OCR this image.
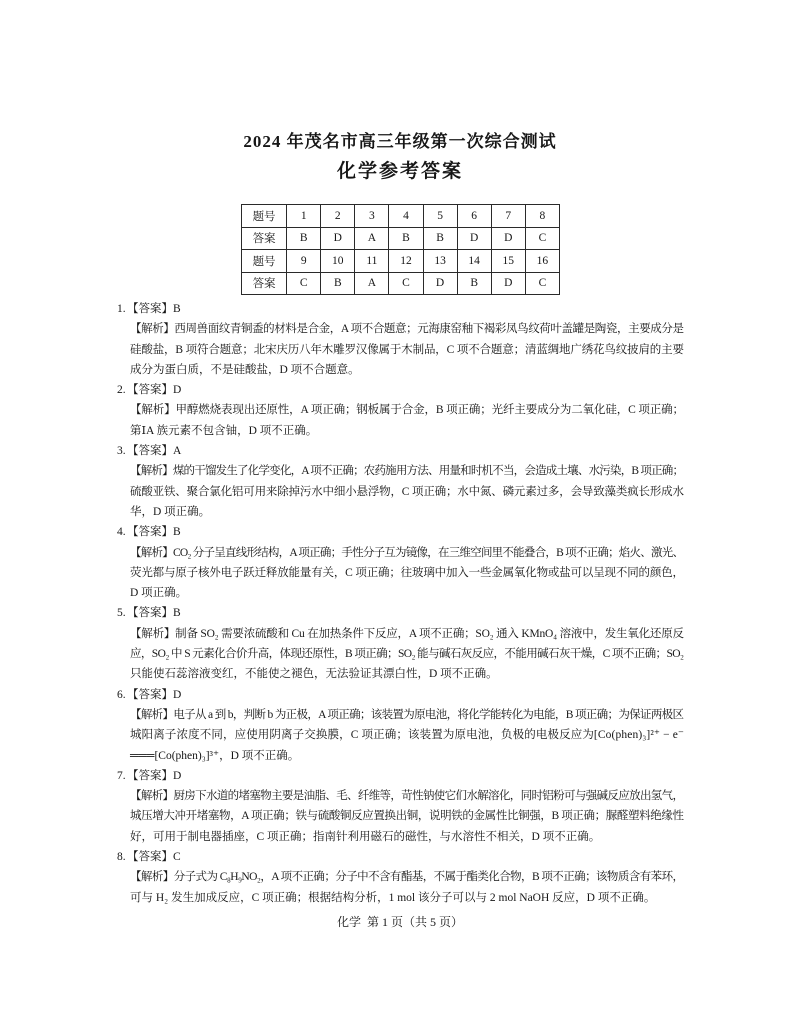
2024 年茂名市高三年级第一次综合测试
化学参考答案
题号	1	2	3	4	5	6	7	8
答案	B	D	A	B	B	D	D	C
题号	9	10	11	12	13	14	15	16
答案	C	B	A	C	D	B	D	C
1. 【答案】B
【解析】西周兽面纹青铜盉的材料是合金，A 项不合题意；元海康窑釉下褐彩凤鸟纹荷叶盖罐是陶瓷，主要成分是
硅酸盐，B 项符合题意；北宋庆历八年木雕罗汉像属于木制品，C 项不合题意；清蓝绸地广绣花鸟纹披肩的主要
成分为蛋白质，不是硅酸盐，D 项不合题意。
2. 【答案】D
【解析】甲醇燃烧表现出还原性，A 项正确；钢板属于合金，B 项正确；光纤主要成分为二氧化硅，C 项正确；
第ⅠA 族元素不包含铀，D 项不正确。
3. 【答案】A
【解析】煤的干馏发生了化学变化，A 项不正确；农药施用方法、用量和时机不当，会造成土壤、水污染，B 项正确；
硫酸亚铁、聚合氯化铝可用来除掉污水中细小悬浮物，C 项正确；水中氮、磷元素过多，会导致藻类疯长形成水
华，D 项正确。
4. 【答案】B
【解析】CO₂ 分子呈直线形结构，A 项正确；手性分子互为镜像，在三维空间里不能叠合，B 项不正确；焰火、激光、
荧光都与原子核外电子跃迁释放能量有关，C 项正确；往玻璃中加入一些金属氧化物或盐可以呈现不同的颜色，
D 项正确。
5. 【答案】B
【解析】制备 SO₂ 需要浓硫酸和 Cu 在加热条件下反应，A 项不正确；SO₂ 通入 KMnO₄ 溶液中，发生氧化还原反
应，SO₂ 中 S 元素化合价升高，体现还原性，B 项正确；SO₂ 能与碱石灰反应，不能用碱石灰干燥，C 项不正确；SO₂
只能使石蕊溶液变红，不能使之褪色，无法验证其漂白性，D 项不正确。
6. 【答案】D
【解析】电子从 a 到 b，判断 b 为正极，A 项正确；该装置为原电池，将化学能转化为电能，B 项正确；为保证两极区
城阳离子浓度不同，应使用阴离子交换膜，C 项正确；该装置为原电池，负极的电极反应为[Co(phen)₃]²⁺ − e⁻
═══[Co(phen)₃]³⁺，D 项不正确。
7. 【答案】D
【解析】厨房下水道的堵塞物主要是油脂、毛、纤维等，苛性钠使它们水解溶化，同时铝粉可与强碱反应放出氢气，
城压增大冲开堵塞物，A 项正确；铁与硫酸铜反应置换出铜，说明铁的金属性比铜强，B 项正确；脲醛塑料绝缘性
好，可用于制电器插座，C 项正确；指南针利用磁石的磁性，与水溶性不相关，D 项不正确。
8. 【答案】C
【解析】分子式为 C₈H₉NO₂，A 项不正确；分子中不含有酯基，不属于酯类化合物，B 项不正确；该物质含有苯环，
可与 H₂ 发生加成反应，C 项正确；根据结构分析，1 mol 该分子可以与 2 mol NaOH 反应，D 项不正确。
化学  第 1 页（共 5 页）
